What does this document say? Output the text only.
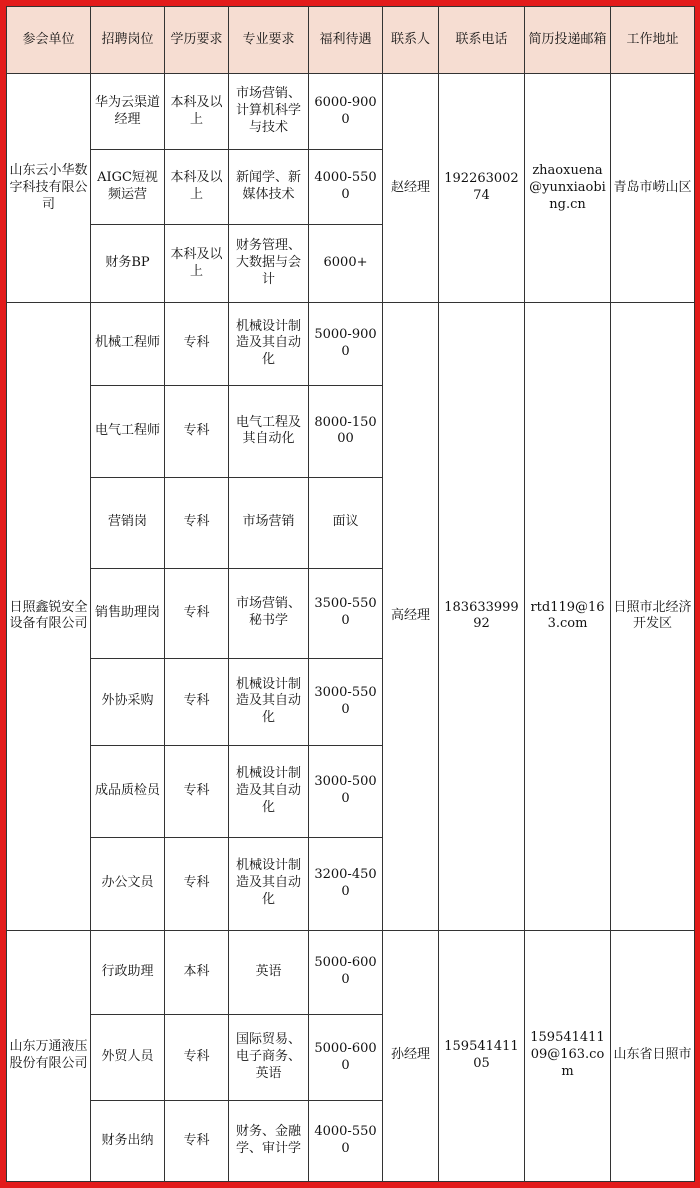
参会单位	招聘岗位	学历要求	专业要求	福利待遇	联系人	联系电话	简历投递邮箱	工作地址
山东云小华数字科技有限公司	华为云渠道经理	本科及以上	市场营销、计算机科学与技术	6000-9000	赵经理	19226300274	zhaoxuena@yunxiaobing.cn	青岛市崂山区
	AIGC短视频运营	本科及以上	新闻学、新媒体技术	4000-5500				
	财务BP	本科及以上	财务管理、大数据与会计	6000+				
日照鑫锐安全设备有限公司	机械工程师	专科	机械设计制造及其自动化	5000-9000	高经理	18363399992	rtd119@163.com	日照市北经济开发区
	电气工程师	专科	电气工程及其自动化	8000-15000				
	营销岗	专科	市场营销	面议				
	销售助理岗	专科	市场营销、秘书学	3500-5500				
	外协采购	专科	机械设计制造及其自动化	3000-5500				
	成品质检员	专科	机械设计制造及其自动化	3000-5000				
	办公文员	专科	机械设计制造及其自动化	3200-4500				
山东万通液压股份有限公司	行政助理	本科	英语	5000-6000	孙经理	15954141105	15954141109@163.com	山东省日照市
	外贸人员	专科	国际贸易、电子商务、英语	5000-6000				
	财务出纳	专科	财务、金融学、审计学	4000-5500				
